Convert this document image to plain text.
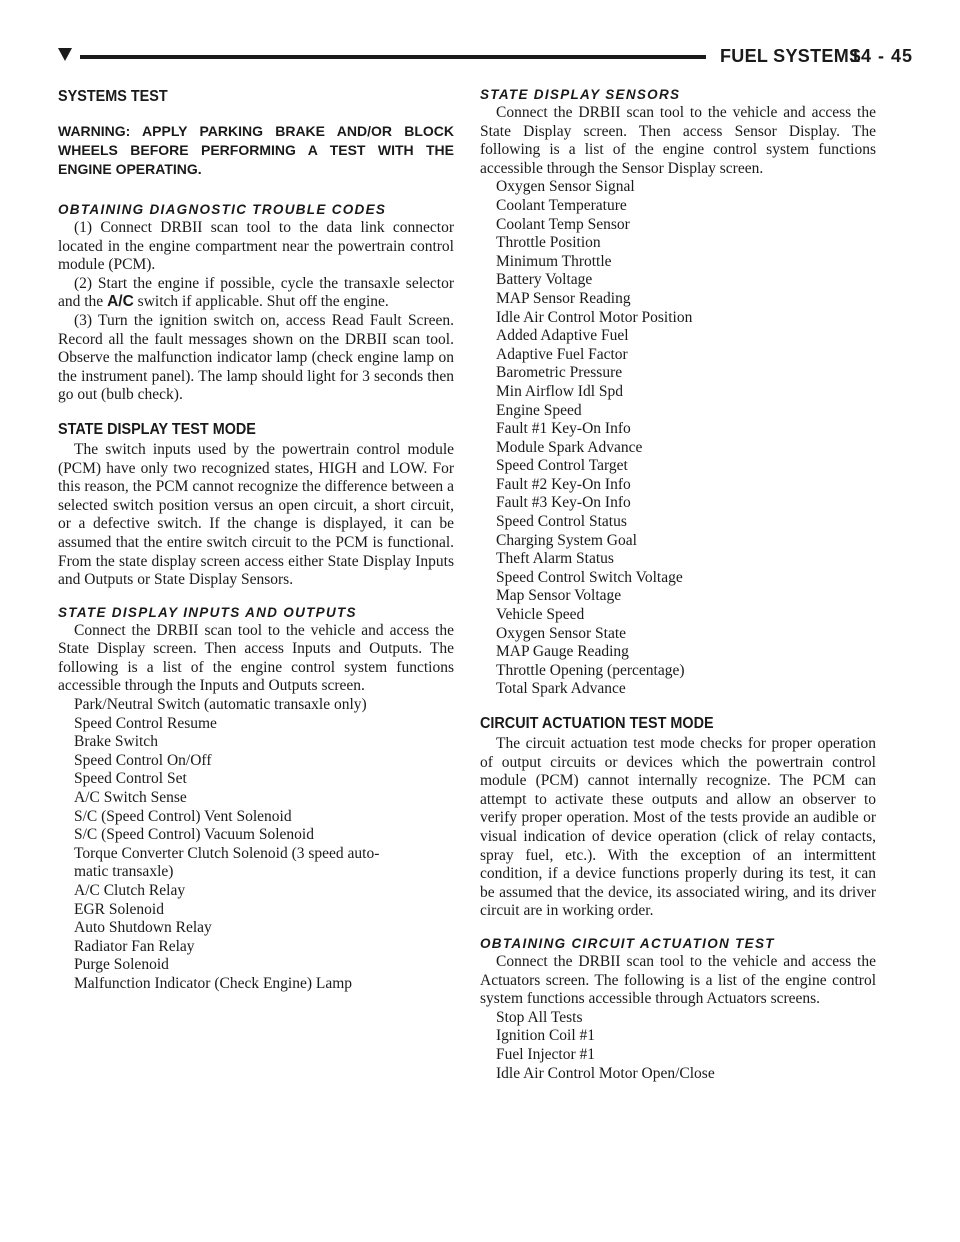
FUEL SYSTEMS
14 - 45
SYSTEMS TEST

WARNING: APPLY PARKING BRAKE AND/OR BLOCK WHEELS BEFORE PERFORMING A TEST WITH THE ENGINE OPERATING.

OBTAINING DIAGNOSTIC TROUBLE CODES

(1) Connect DRBII scan tool to the data link connector located in the engine compartment near the powertrain control module (PCM).

(2) Start the engine if possible, cycle the transaxle selector and the A/C switch if applicable. Shut off the engine.

(3) Turn the ignition switch on, access Read Fault Screen. Record all the fault messages shown on the DRBII scan tool. Observe the malfunction indicator lamp (check engine lamp on the instrument panel). The lamp should light for 3 seconds then go out (bulb check).

STATE DISPLAY TEST MODE

The switch inputs used by the powertrain control module (PCM) have only two recognized states, HIGH and LOW. For this reason, the PCM cannot recognize the difference between a selected switch position versus an open circuit, a short circuit, or a defective switch. If the change is displayed, it can be assumed that the entire switch circuit to the PCM is functional. From the state display screen access either State Display Inputs and Outputs or State Display Sensors.

STATE DISPLAY INPUTS AND OUTPUTS

Connect the DRBII scan tool to the vehicle and access the State Display screen. Then access Inputs and Outputs. The following is a list of the engine control system functions accessible through the Inputs and Outputs screen.

Park/Neutral Switch (automatic transaxle only)
Speed Control Resume
Brake Switch
Speed Control On/Off
Speed Control Set
A/C Switch Sense
S/C (Speed Control) Vent Solenoid
S/C (Speed Control) Vacuum Solenoid
Torque Converter Clutch Solenoid (3 speed auto-
matic transaxle)
A/C Clutch Relay
EGR Solenoid
Auto Shutdown Relay
Radiator Fan Relay
Purge Solenoid
Malfunction Indicator (Check Engine) Lamp
STATE DISPLAY SENSORS

Connect the DRBII scan tool to the vehicle and access the State Display screen. Then access Sensor Display. The following is a list of the engine control system functions accessible through the Sensor Display screen.

Oxygen Sensor Signal
Coolant Temperature
Coolant Temp Sensor
Throttle Position
Minimum Throttle
Battery Voltage
MAP Sensor Reading
Idle Air Control Motor Position
Added Adaptive Fuel
Adaptive Fuel Factor
Barometric Pressure
Min Airflow Idl Spd
Engine Speed
Fault #1 Key-On Info
Module Spark Advance
Speed Control Target
Fault #2 Key-On Info
Fault #3 Key-On Info
Speed Control Status
Charging System Goal
Theft Alarm Status
Speed Control Switch Voltage
Map Sensor Voltage
Vehicle Speed
Oxygen Sensor State
MAP Gauge Reading
Throttle Opening (percentage)
Total Spark Advance
CIRCUIT ACTUATION TEST MODE

The circuit actuation test mode checks for proper operation of output circuits or devices which the powertrain control module (PCM) cannot internally recognize. The PCM can attempt to activate these outputs and allow an observer to verify proper operation. Most of the tests provide an audible or visual indication of device operation (click of relay contacts, spray fuel, etc.). With the exception of an intermittent condition, if a device functions properly during its test, it can be assumed that the device, its associated wiring, and its driver circuit are in working order.

OBTAINING CIRCUIT ACTUATION TEST

Connect the DRBII scan tool to the vehicle and access the Actuators screen. The following is a list of the engine control system functions accessible through Actuators screens.

Stop All Tests
Ignition Coil #1
Fuel Injector #1
Idle Air Control Motor Open/Close
